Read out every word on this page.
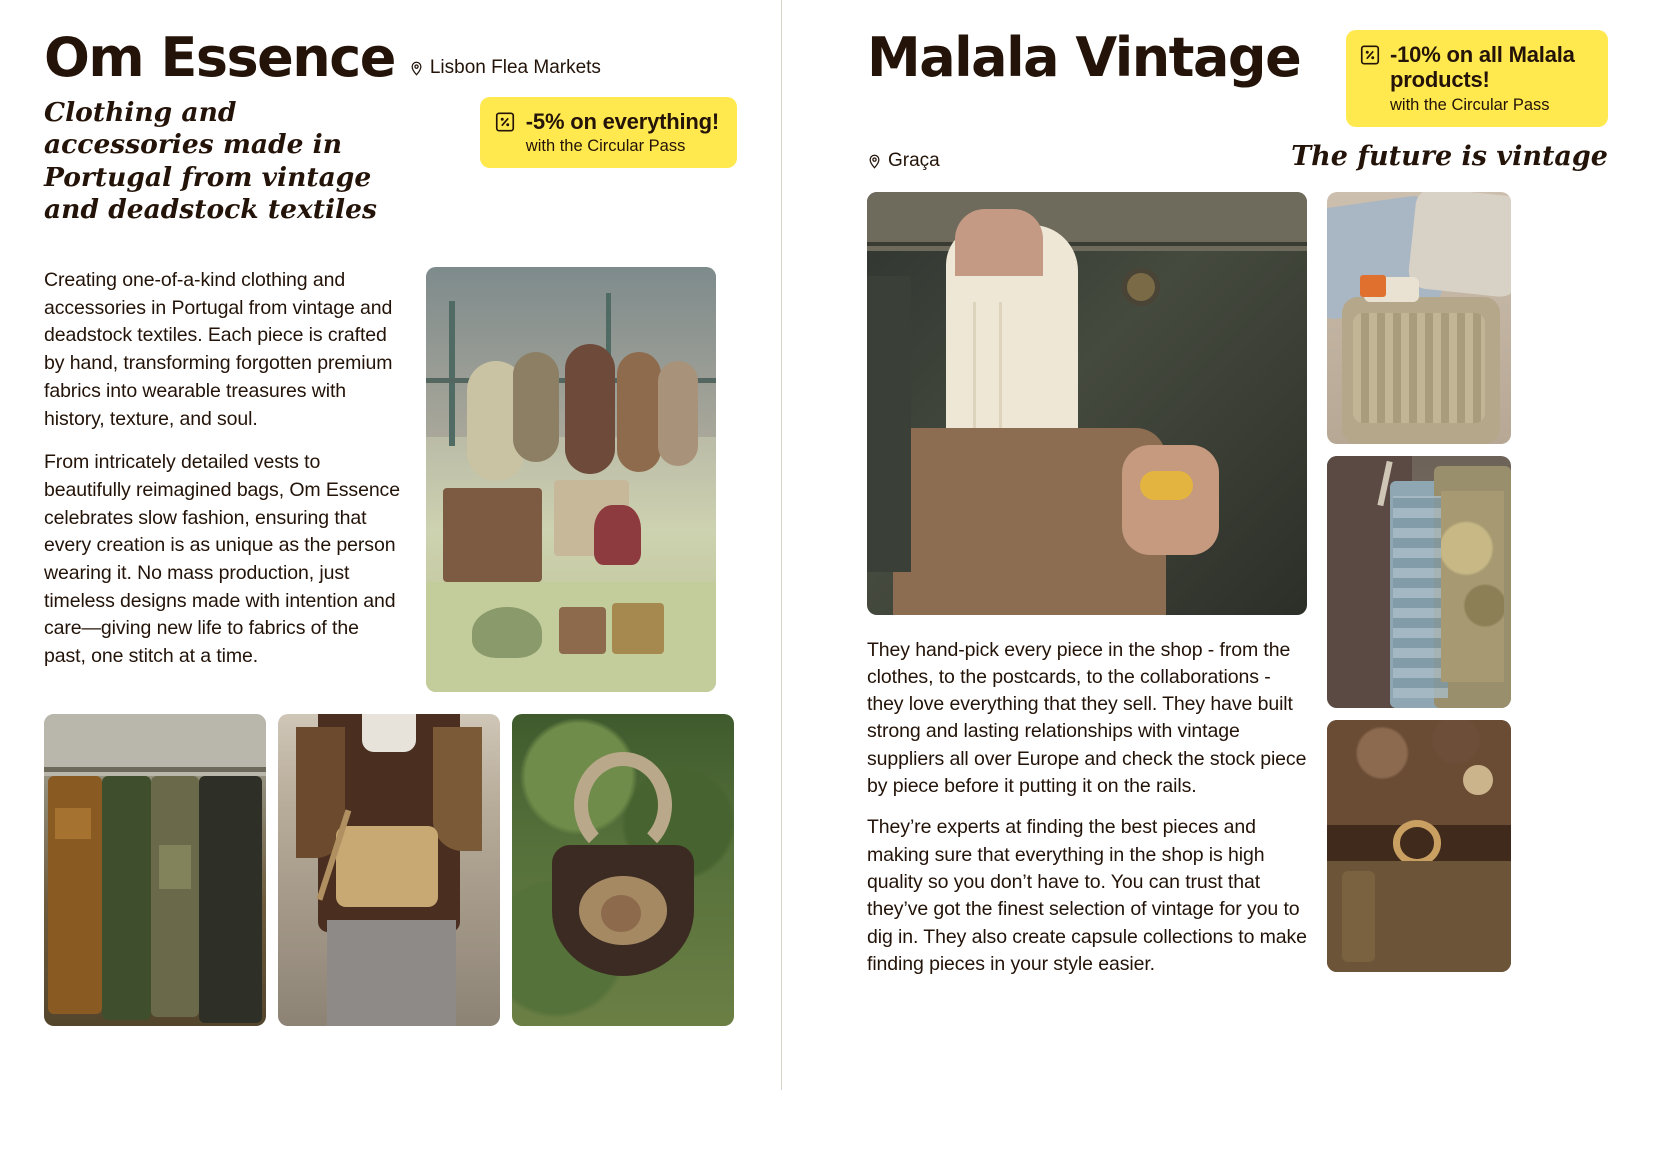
Om Essence Lisbon Flea Markets
Clothing and accessories made in Portugal from vintage and deadstock textiles
-5% on everything!
with the Circular Pass

Creating one-of-a-kind clothing and accessories in Portugal from vintage and deadstock textiles. Each piece is crafted by hand, transforming forgotten premium fabrics into wearable treasures with history, texture, and soul.

From intricately detailed vests to beautifully reimagined bags, Om Essence celebrates slow fashion, ensuring that every creation is as unique as the person wearing it. No mass production, just timeless designs made with intention and care—giving new life to fabrics of the past, one stitch at a time.

Malala Vintage	-10% on all Malala products!
with the Circular Pass
Graça	The future is vintage

They hand-pick every piece in the shop - from the clothes, to the postcards, to the collaborations - they love everything that they sell. They have built strong and lasting relationships with vintage suppliers all over Europe and check the stock piece by piece before it putting it on the rails.

They’re experts at finding the best pieces and making sure that everything in the shop is high quality so you don’t have to. You can trust that they’ve got the finest selection of vintage for you to dig in. They also create capsule collections to make finding pieces in your style easier.
